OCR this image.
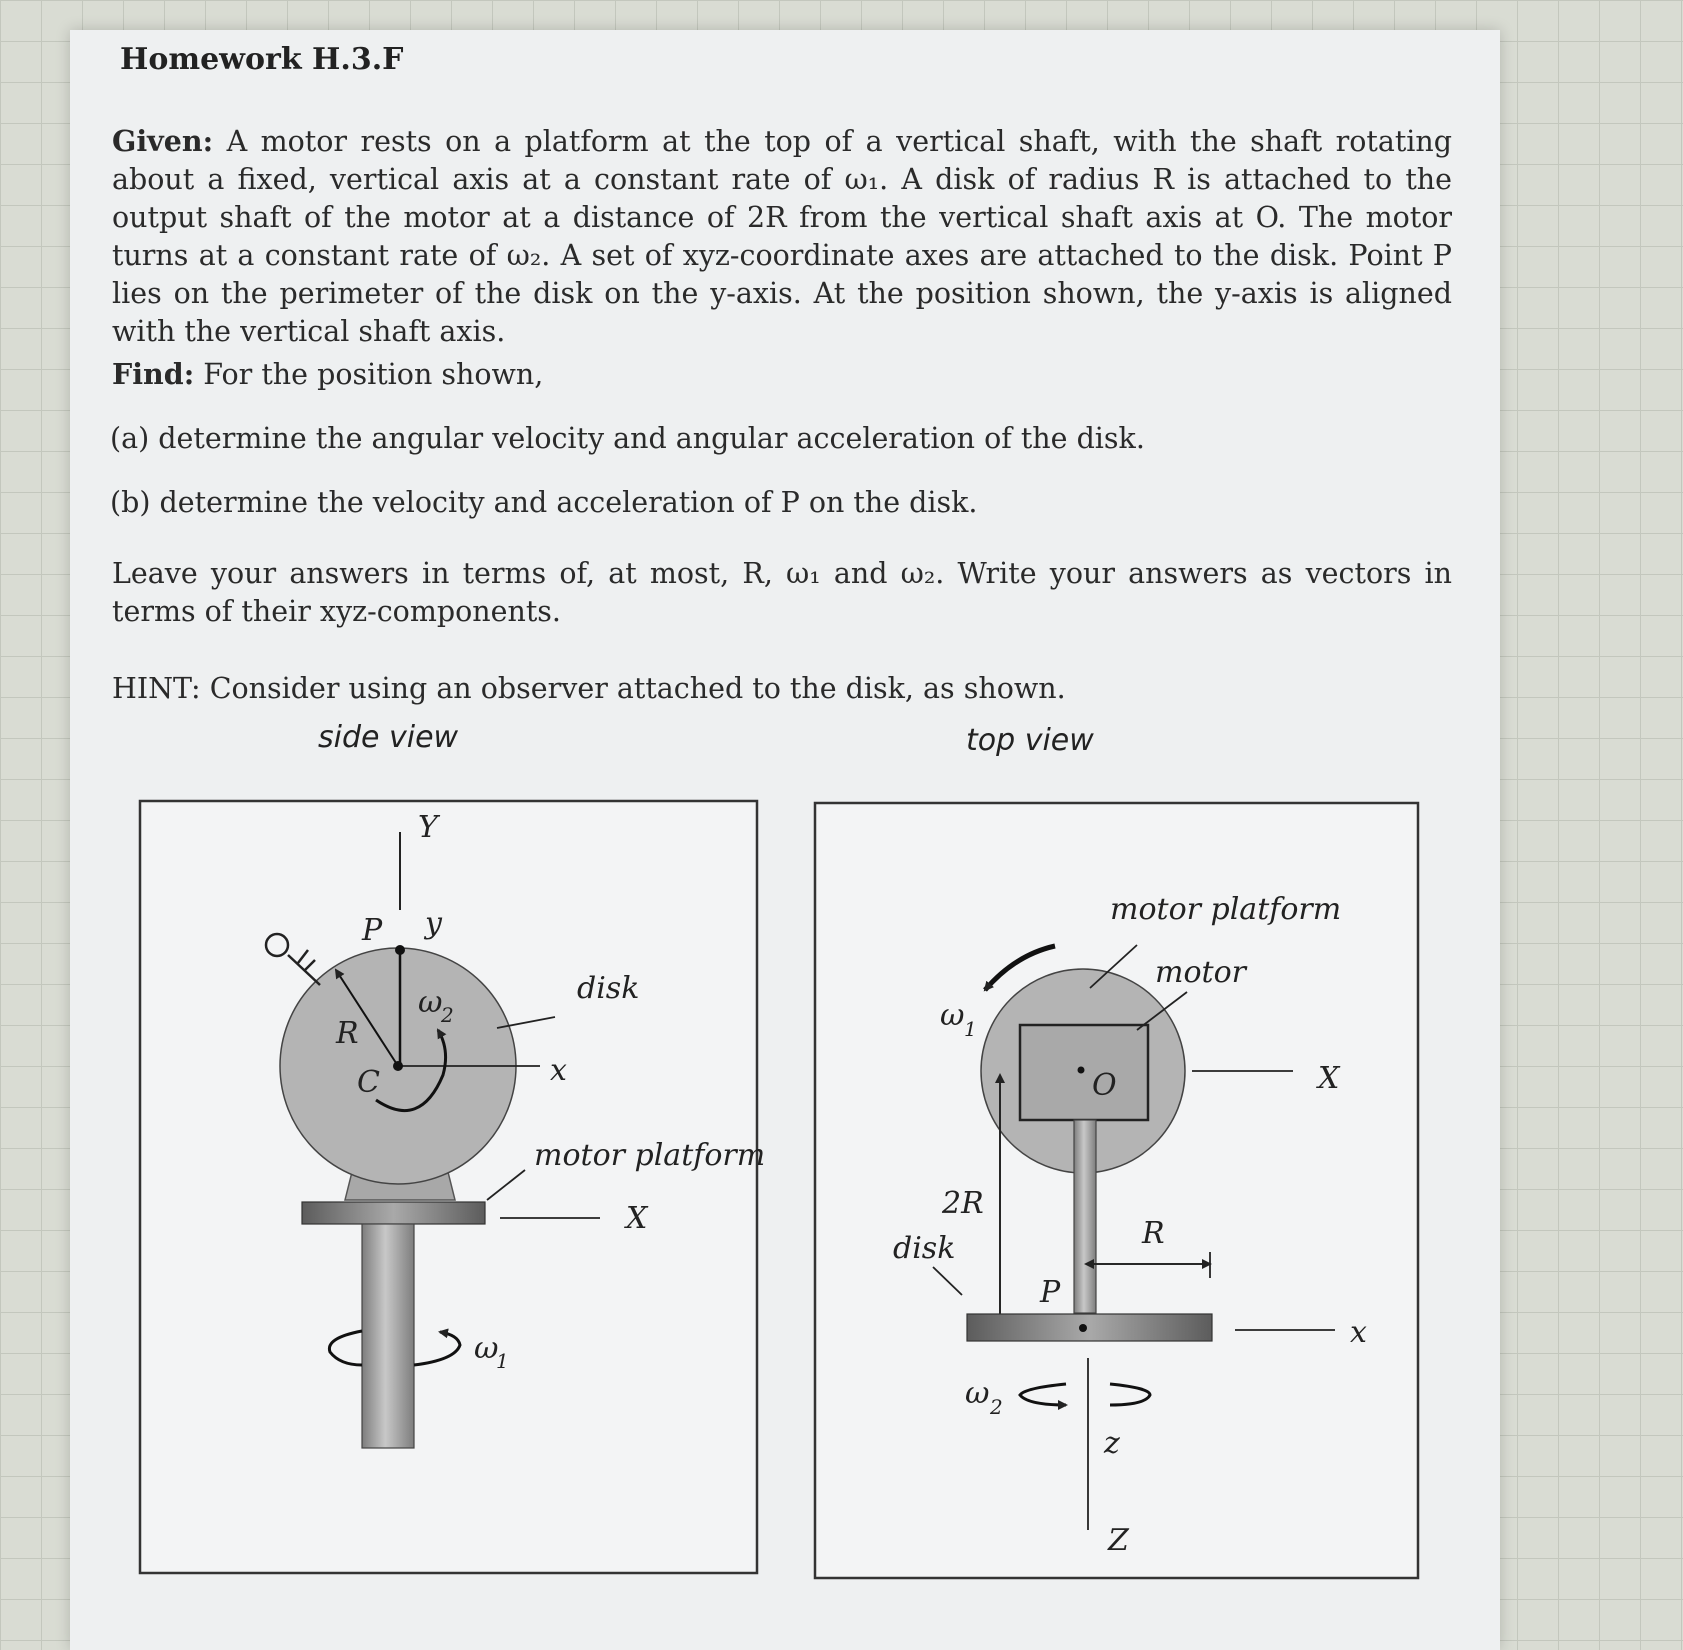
Homework H.3.F
Given: A motor rests on a platform at the top of a vertical shaft, with the shaft rotating about a fixed, vertical axis at a constant rate of ω₁. A disk of radius R is attached to the output shaft of the motor at a distance of 2R from the vertical shaft axis at O. The motor turns at a constant rate of ω₂. A set of xyz-coordinate axes are attached to the disk. Point P lies on the perimeter of the disk on the y-axis. At the position shown, the y-axis is aligned with the vertical shaft axis.
Find: For the position shown,
(a) determine the angular velocity and angular acceleration of the disk.
(b) determine the velocity and acceleration of P on the disk.
Leave your answers in terms of, at most, R, ω₁ and ω₂. Write your answers as vectors in terms of their xyz-components.
HINT: Consider using an observer attached to the disk, as shown.
side view	top view
Y
y
P
R
C
ω
2
disk
x
motor platform
X
ω
1
motor platform
motor
ω 1
O	X
2R
R
disk
P
x
ω 2
z
Z
